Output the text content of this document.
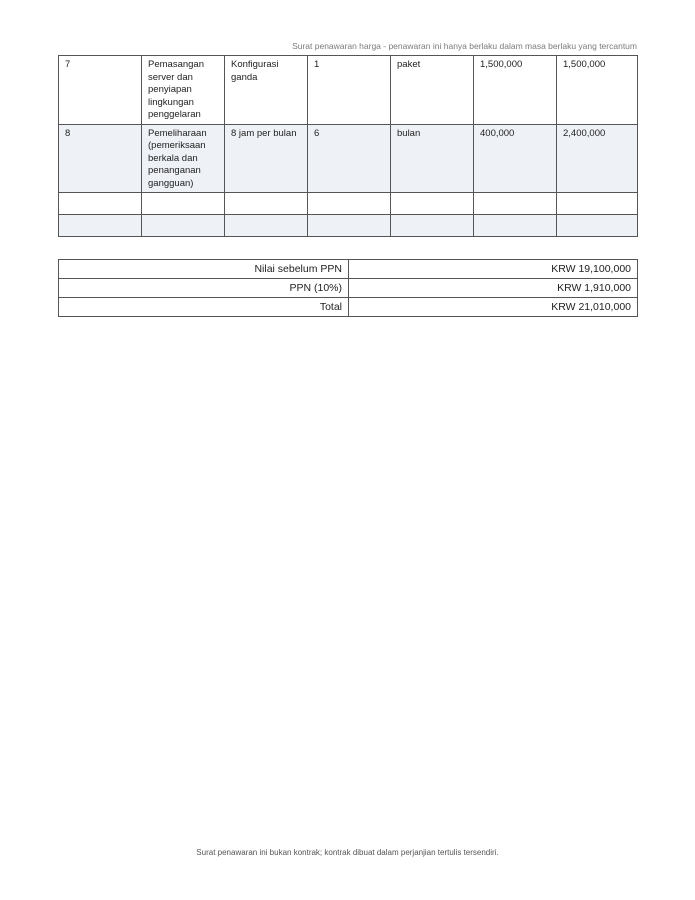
Surat penawaran harga - penawaran ini hanya berlaku dalam masa berlaku yang tercantum
7	Pemasangan server dan penyiapan lingkungan penggelaran	Konfigurasi ganda	1	paket	1,500,000	1,500,000
8	Pemeliharaan (pemeriksaan berkala dan penanganan gangguan)	8 jam per bulan	6	bulan	400,000	2,400,000

Nilai sebelum PPN	KRW 19,100,000
PPN (10%)	KRW 1,910,000
Total	KRW 21,010,000
Surat penawaran ini bukan kontrak; kontrak dibuat dalam perjanjian tertulis tersendiri.
